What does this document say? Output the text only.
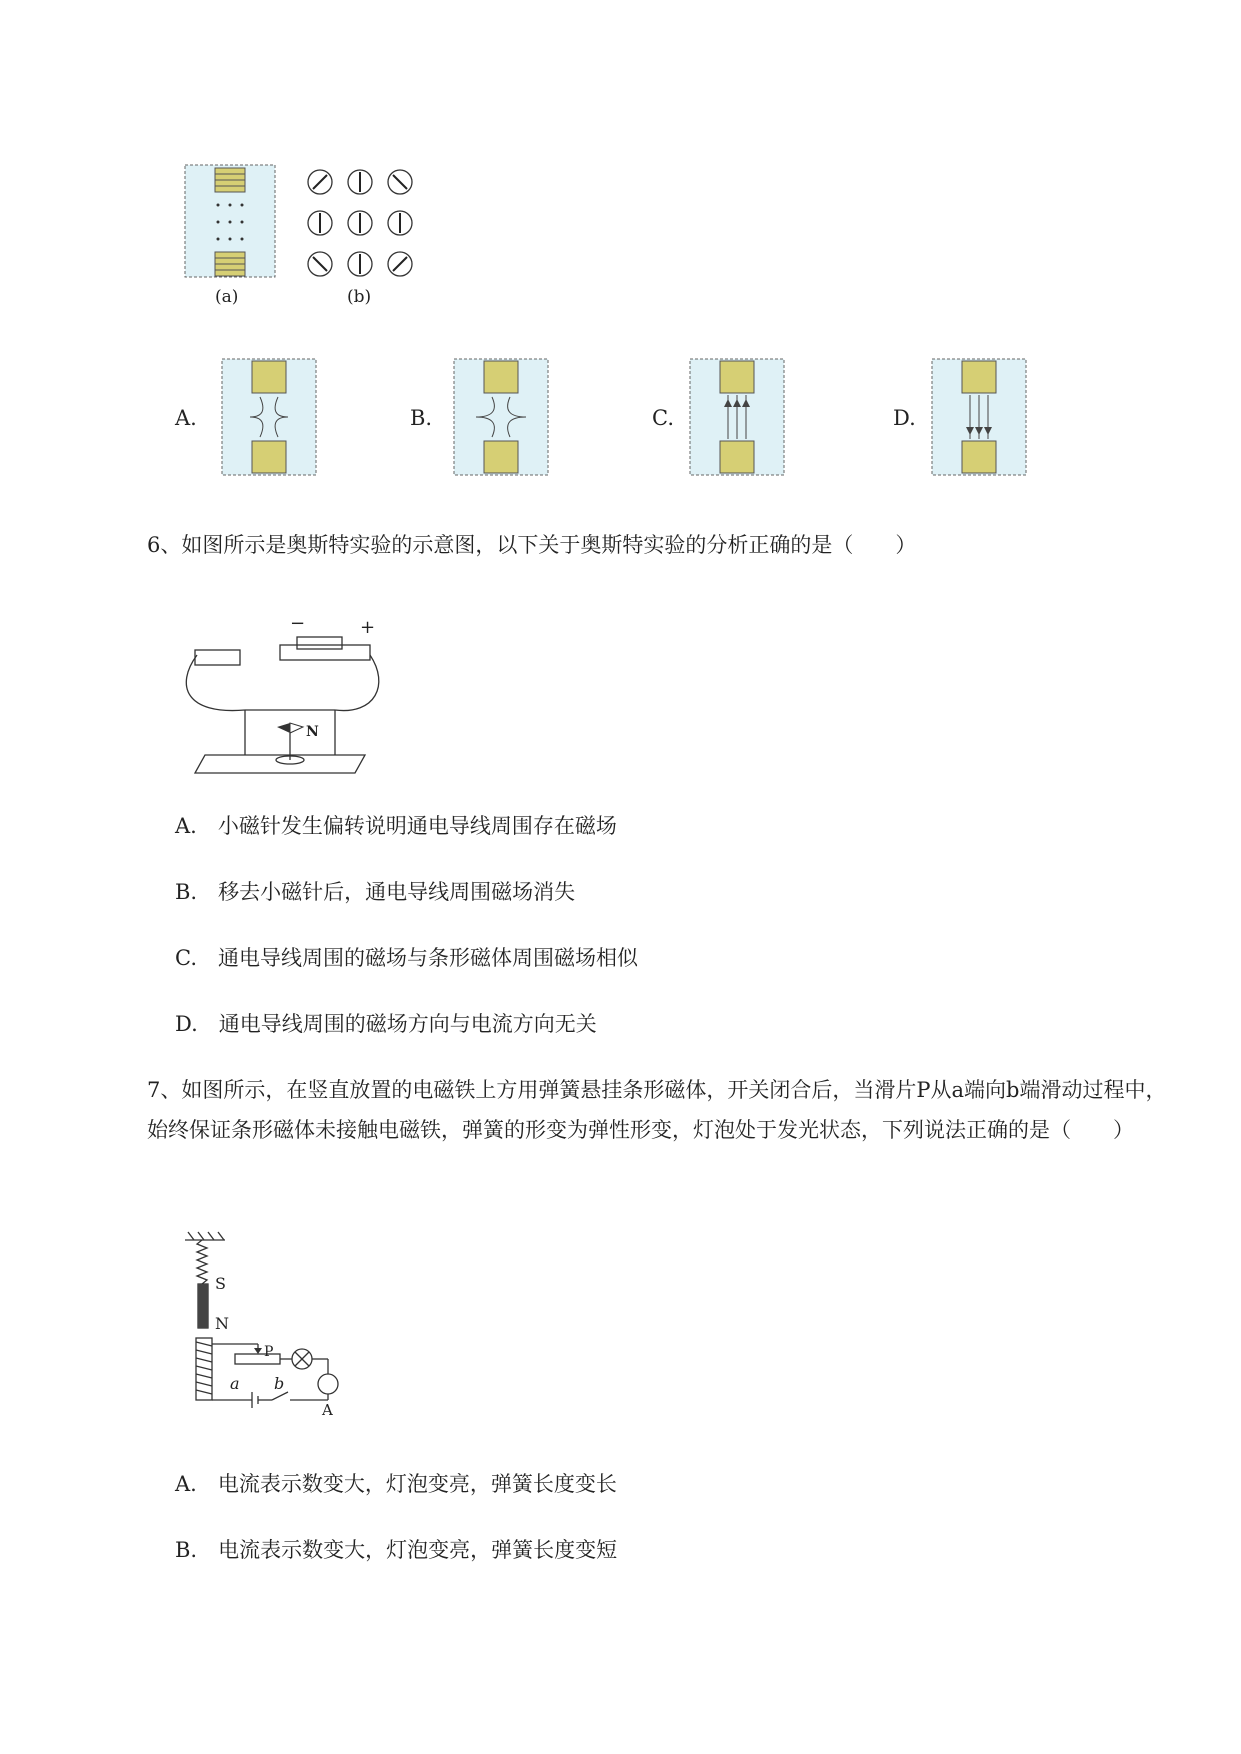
(a)	(b)
A.	B.	C.	D.
6、如图所示是奥斯特实验的示意图，以下关于奥斯特实验的分析正确的是（　　）
−	+
N
A.　小磁针发生偏转说明通电导线周围存在磁场
B.　移去小磁针后，通电导线周围磁场消失
C.　通电导线周围的磁场与条形磁体周围磁场相似
D.　通电导线周围的磁场方向与电流方向无关
7、如图所示，在竖直放置的电磁铁上方用弹簧悬挂条形磁体，开关闭合后，当滑片P从a端向b端滑动过程中，始终保证条形磁体未接触电磁铁，弹簧的形变为弹性形变，灯泡处于发光状态，下列说法正确的是（　　）
S
N
P
a b
A
A.　电流表示数变大，灯泡变亮，弹簧长度变长
B.　电流表示数变大，灯泡变亮，弹簧长度变短
